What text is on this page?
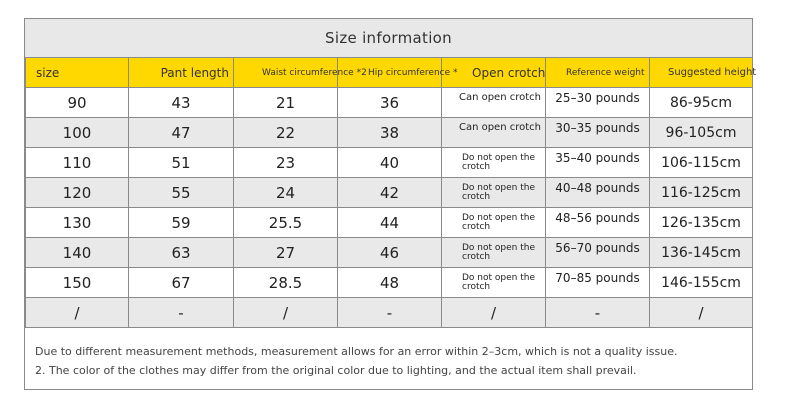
Size information
size	Pant length	Waist circumference *2	Hip circumference *	Open crotch	Reference weight	Suggested height
90	43	21	36	Can open crotch	25–30 pounds	86-95cm
100	47	22	38	Can open crotch	30–35 pounds	96-105cm
110	51	23	40	Do not open the crotch	35–40 pounds	106-115cm
120	55	24	42	Do not open the crotch	40–48 pounds	116-125cm
130	59	25.5	44	Do not open the crotch	48–56 pounds	126-135cm
140	63	27	46	Do not open the crotch	56–70 pounds	136-145cm
150	67	28.5	48	Do not open the crotch	70–85 pounds	146-155cm
/	-	/	-	/	-	/
Due to different measurement methods, measurement allows for an error within 2–3cm, which is not a quality issue.
2. The color of the clothes may differ from the original color due to lighting, and the actual item shall prevail.
